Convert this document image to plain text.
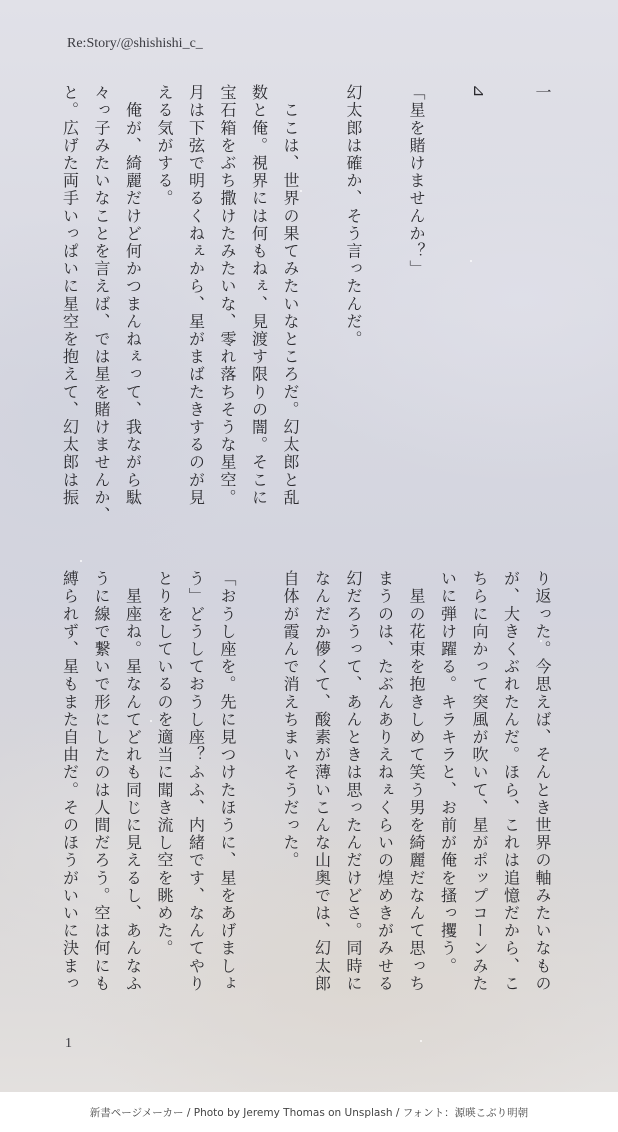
Re:Story/@shishishi_c_
一

⊿

「星を賭けませんか？」

幻太郎は確か、そう言ったんだ。

　ここは、世界の果てみたいなところだ。幻太郎と乱
数と俺。視界には何もねぇ、見渡す限りの闇。そこに
宝石箱をぶち撒けたみたいな、零れ落ちそうな星空。
月は下弦で明るくねぇから、星がまばたきするのが見
える気がする。
　俺が、綺麗だけど何かつまんねぇって、我ながら駄
々っ子みたいなことを言えば、では星を賭けませんか、
と。広げた両手いっぱいに星空を抱えて、幻太郎は振
り返った。今思えば、そんとき世界の軸みたいなもの
が、大きくぶれたんだ。ほら、これは追憶だから、こ
ちらに向かって突風が吹いて、星がポップコーンみた
いに弾け躍る。キラキラと、お前が俺を搔っ攫う。
　星の花束を抱きしめて笑う男を綺麗だなんて思っち
まうのは、たぶんありえねぇくらいの煌めきがみせる
幻だろうって、あんときは思ったんだけどさ。同時に
なんだか儚くて、酸素が薄いこんな山奥では、幻太郎
自体が霞んで消えちまいそうだった。

「おうし座を。先に見つけたほうに、星をあげましょ
う」どうしておうし座？ふふ、内緒です、なんてやり
とりをしているのを適当に聞き流し空を眺めた。
　星座ね。星なんてどれも同じに見えるし、あんなふ
うに線で繋いで形にしたのは人間だろう。空は何にも
縛られず、星もまた自由だ。そのほうがいいに決まっ
1
新書ページメーカー / Photo by Jeremy Thomas on Unsplash / フォント：源暎こぶり明朝
